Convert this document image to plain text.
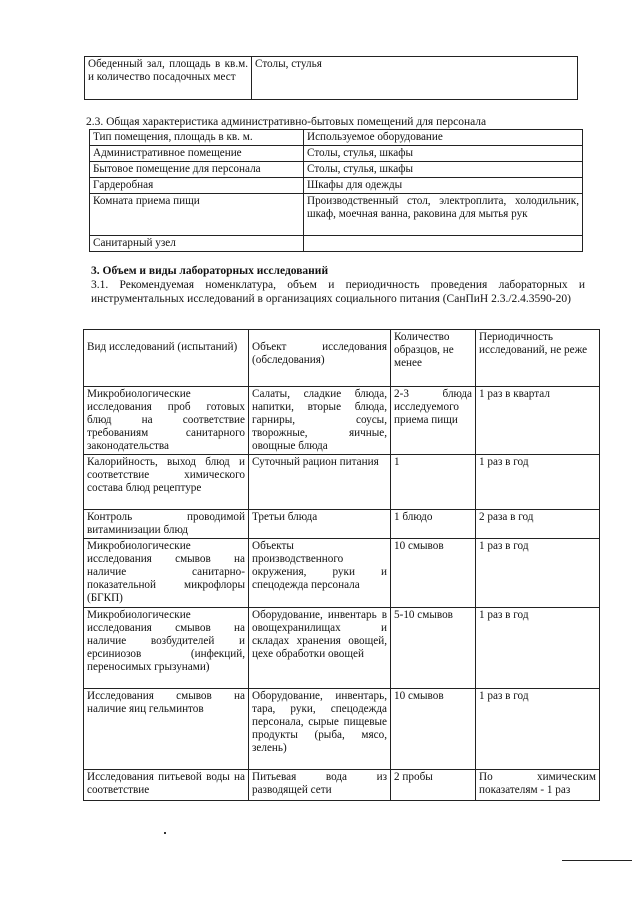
Обеденный зал, площадь в кв.м. и количество посадочных мест	Столы, стулья
2.3. Общая характеристика административно-бытовых помещений для персонала
Тип помещения, площадь в кв. м.	Используемое оборудование
Административное помещение	Столы, стулья, шкафы
Бытовое помещение для персонала	Столы, стулья, шкафы
Гардеробная	Шкафы для одежды
Комната приема пищи	Производственный стол, электроплита, холодильник, шкаф, моечная ванна, раковина для мытья рук
Санитарный узел	
3. Объем и виды лабораторных исследований
3.1. Рекомендуемая номенклатура, объем и периодичность проведения лабораторных и инструментальных исследований в организациях социального питания (СанПиН 2.3./2.4.3590-20)
Вид исследований (испытаний)	Объект исследования (обследования)	Количество образцов, не менее	Периодичность исследований, не реже
Микробиологические исследования проб готовых блюд на соответствие требованиям санитарного законодательства	Салаты, сладкие блюда, напитки, вторые блюда, гарниры, соусы, творожные, яичные, овощные блюда	2-3 блюда исследуемого приема пищи	1 раз в квартал
Калорийность, выход блюд и соответствие химического состава блюд рецептуре	Суточный рацион питания	1	1 раз в год
Контроль проводимой витаминизации блюд	Третьи блюда	1 блюдо	2 раза в год
Микробиологические исследования смывов на наличие санитарно-показательной микрофлоры (БГКП)	Объекты производственного окружения, руки и спецодежда персонала	10 смывов	1 раз в год
Микробиологические исследования смывов на наличие возбудителей и ерсиниозов (инфекций, переносимых грызунами)	Оборудование, инвентарь в овощехранилищах и складах хранения овощей, цехе обработки овощей	5-10 смывов	1 раз в год
Исследования смывов на наличие яиц гельминтов	Оборудование, инвентарь, тара, руки, спецодежда персонала, сырые пищевые продукты (рыба, мясо, зелень)	10 смывов	1 раз в год
Исследования питьевой воды на соответствие	Питьевая вода из разводящей сети	2 пробы	По химическим показателям - 1 раз
